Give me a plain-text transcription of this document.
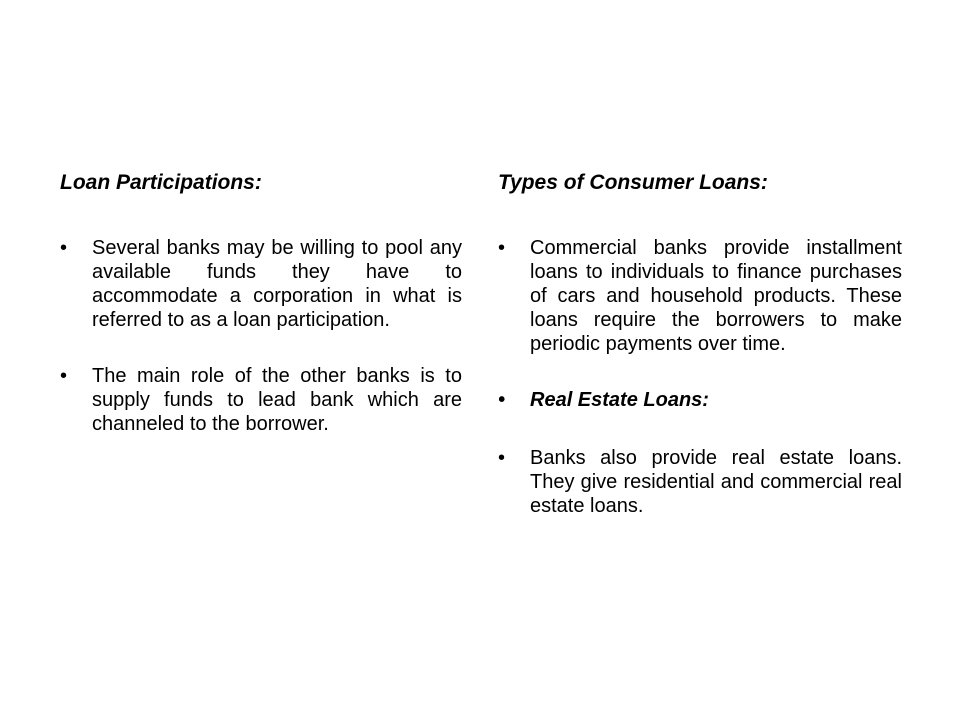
Loan Participations:
• Several banks may be willing to pool any available funds they have to accommodate a corporation in what is referred to as a loan participation.
• The main role of the other banks is to supply funds to lead bank which are channeled to the borrower.
Types of Consumer Loans:
• Commercial banks provide installment loans to individuals to finance purchases of cars and household products. These loans require the borrowers to make periodic payments over time.
• Real Estate Loans:
• Banks also provide real estate loans. They give residential and commercial real estate loans.
